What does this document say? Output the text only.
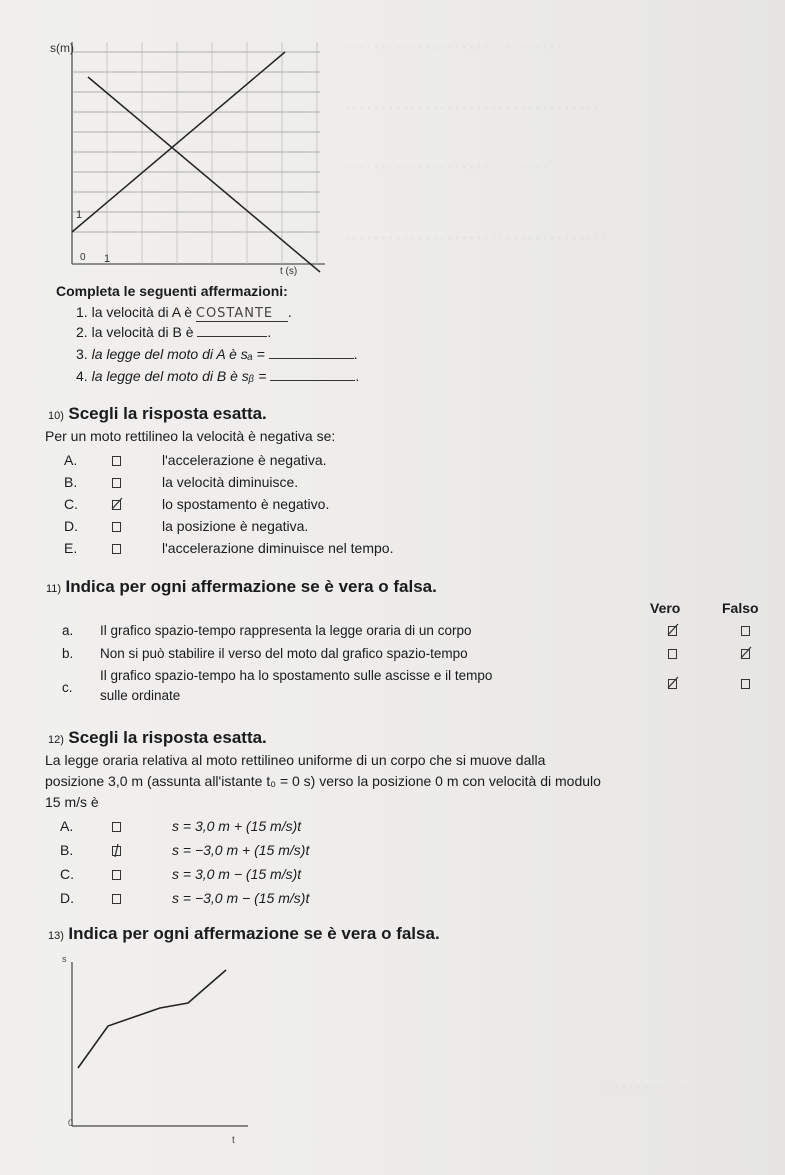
· · · · · · · · · · · · · · · · · · · · · · · · · · · · · ·
· · · · · · · · · · · · · · · · · · · · · · · · · · · · · · · · · · ·
· · · · · · · · · · · · · · · · · · · · · · · · · · · ·
· · · · · · · · · · · · · · · · · · · · · · · · · · · · · · · · · · · ·
· · · · · · · · · · · ·
s(m)
1
0 1
t (s)
Completa le seguenti affermazioni:
1. la velocità di A è COSTANTE .
2. la velocità di B è	.
3. la legge del moto di A è sₐ =	.
4. la legge del moto di B è sᵦ =	.
10) Scegli la risposta esatta.
Per un moto rettilineo la velocità è negativa se:
A.	l'accelerazione è negativa.
B.	la velocità diminuisce.
C.	lo spostamento è negativo.
D.	la posizione è negativa.
E.	l'accelerazione diminuisce nel tempo.
11) Indica per ogni affermazione se è vera o falsa.
Vero	Falso
a. Il grafico spazio-tempo rappresenta la legge oraria di un corpo
b. Non si può stabilire il verso del moto dal grafico spazio-tempo
c.
Il grafico spazio-tempo ha lo spostamento sulle ascisse e il tempo
sulle ordinate
12) Scegli la risposta esatta.
La legge oraria relativa al moto rettilineo uniforme di un corpo che si muove dalla
posizione 3,0 m (assunta all'istante t₀ = 0 s) verso la posizione 0 m con velocità di modulo
15 m/s è
A.	s = 3,0 m + (15 m/s)t
B.	s = −3,0 m + (15 m/s)t
C.	s = 3,0 m − (15 m/s)t
D.	s = −3,0 m − (15 m/s)t
13) Indica per ogni affermazione se è vera o falsa.
s
0
t
